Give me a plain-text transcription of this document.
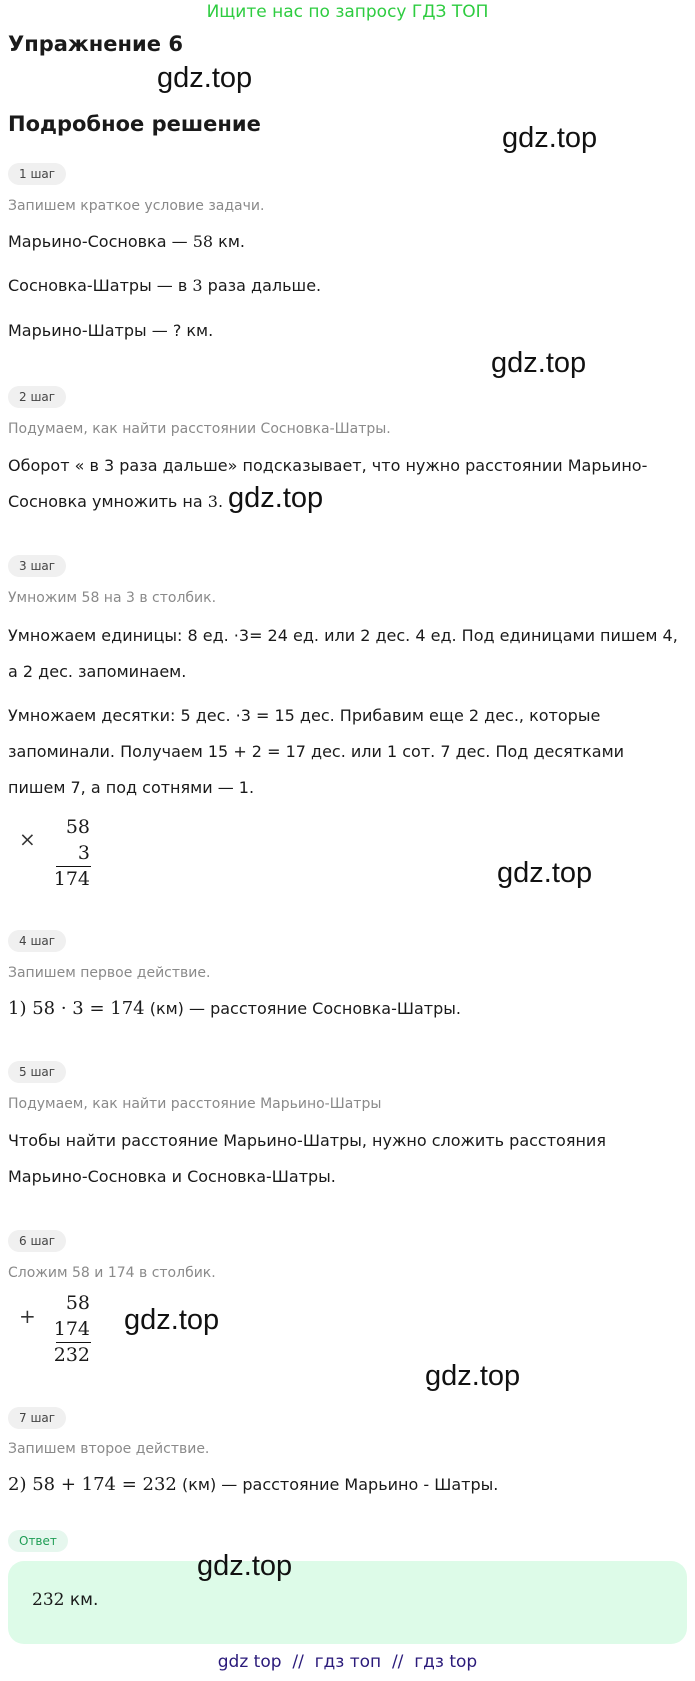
Ищите нас по запросу ГДЗ ТОП
Упражнение 6
gdz.top
Подробное решение	gdz.top
1 шаг
Запишем краткое условие задачи.
Марьино-Сосновка — 58 км.
Сосновка-Шатры — в 3 раза дальше.
Марьино-Шатры — ? км.
gdz.top
2 шаг
Подумаем, как найти расстоянии Сосновка-Шатры.
Оборот « в 3 раза дальше» подсказывает, что нужно расстоянии Марьино-
Сосновка умножить на 3. gdz.top
3 шаг
Умножим 58 на 3 в столбик.
Умножаем единицы: 8 ед. ·3= 24 ед. или 2 дес. 4 ед. Под единицами пишем 4,
а 2 дес. запоминаем.
Умножаем десятки: 5 дес. ·3 = 15 дес. Прибавим еще 2 дес., которые
запоминали. Получаем 15 + 2 = 17 дес. или 1 сот. 7 дес. Под десятками
пишем 7, а под сотнями — 1.
×	58
3
174	gdz.top
4 шаг
Запишем первое действие.
1) 58 · 3 = 174 (км) — расстояние Сосновка-Шатры.
5 шаг
Подумаем, как найти расстояние Марьино-Шатры
Чтобы найти расстояние Марьино-Шатры, нужно сложить расстояния
Марьино-Сосновка и Сосновка-Шатры.
6 шаг
Сложим 58 и 174 в столбик.
+
58
174
232
gdz.top
gdz.top
7 шаг
Запишем второе действие.
2) 58 + 174 = 232 (км) — расстояние Марьино - Шатры.
Ответ
232 км.
gdz.top
gdz top  //  гдз топ  //  гдз top
